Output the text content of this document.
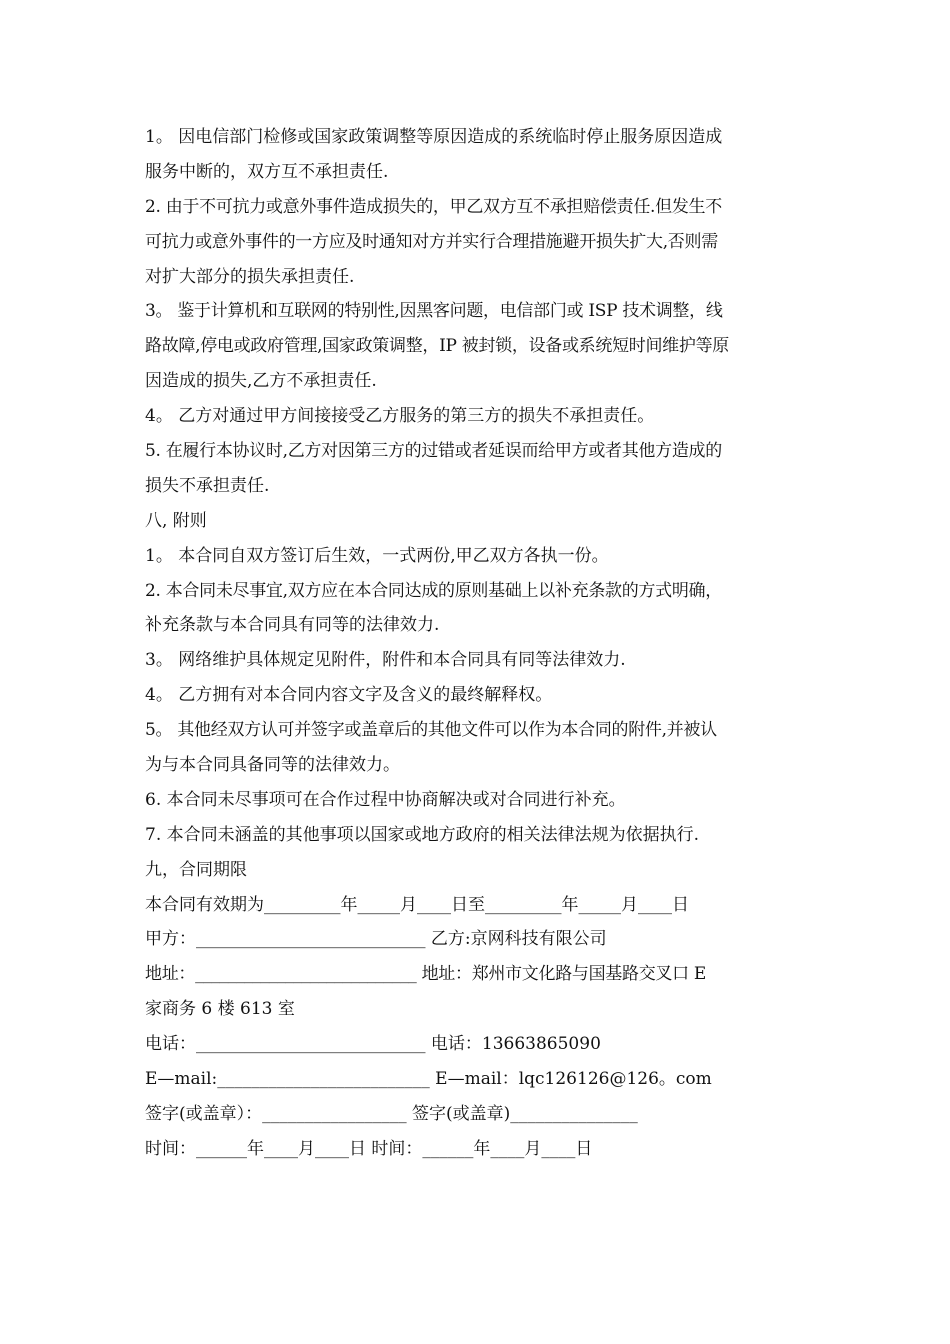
1。 因电信部门检修或国家政策调整等原因造成的系统临时停止服务原因造成
服务中断的，双方互不承担责任.
2. 由于不可抗力或意外事件造成损失的，甲乙双方互不承担赔偿责任.但发生不
可抗力或意外事件的一方应及时通知对方并实行合理措施避开损失扩大,否则需
对扩大部分的损失承担责任.
3。 鉴于计算机和互联网的特别性,因黑客问题，电信部门或 ISP 技术调整，线
路故障,停电或政府管理,国家政策调整，IP 被封锁，设备或系统短时间维护等原
因造成的损失,乙方不承担责任.
4。 乙方对通过甲方间接接受乙方服务的第三方的损失不承担责任。
5. 在履行本协议时,乙方对因第三方的过错或者延误而给甲方或者其他方造成的
损失不承担责任.
八, 附则
1。 本合同自双方签订后生效，一式两份,甲乙双方各执一份。
2. 本合同未尽事宜,双方应在本合同达成的原则基础上以补充条款的方式明确，
补充条款与本合同具有同等的法律效力.
3。 网络维护具体规定见附件，附件和本合同具有同等法律效力.
4。 乙方拥有对本合同内容文字及含义的最终解释权。
5。 其他经双方认可并签字或盖章后的其他文件可以作为本合同的附件,并被认
为与本合同具备同等的法律效力。
6. 本合同未尽事项可在合作过程中协商解决或对合同进行补充。
7. 本合同未涵盖的其他事项以国家或地方政府的相关法律法规为依据执行.
九，合同期限
本合同有效期为_________年_____月____日至_________年_____月____日
甲方：___________________________ 乙方:京网科技有限公司
地址：___________________________ 地址：郑州市文化路与国基路交叉口 E
家商务 6 楼 613 室
电话：___________________________ 电话：13663865090
E—mail:_________________________ E—mail：lqc126126@126。com
签字(或盖章）：_________________ 签字(或盖章)_______________
时间：______年____月____日 时间：______年____月____日
